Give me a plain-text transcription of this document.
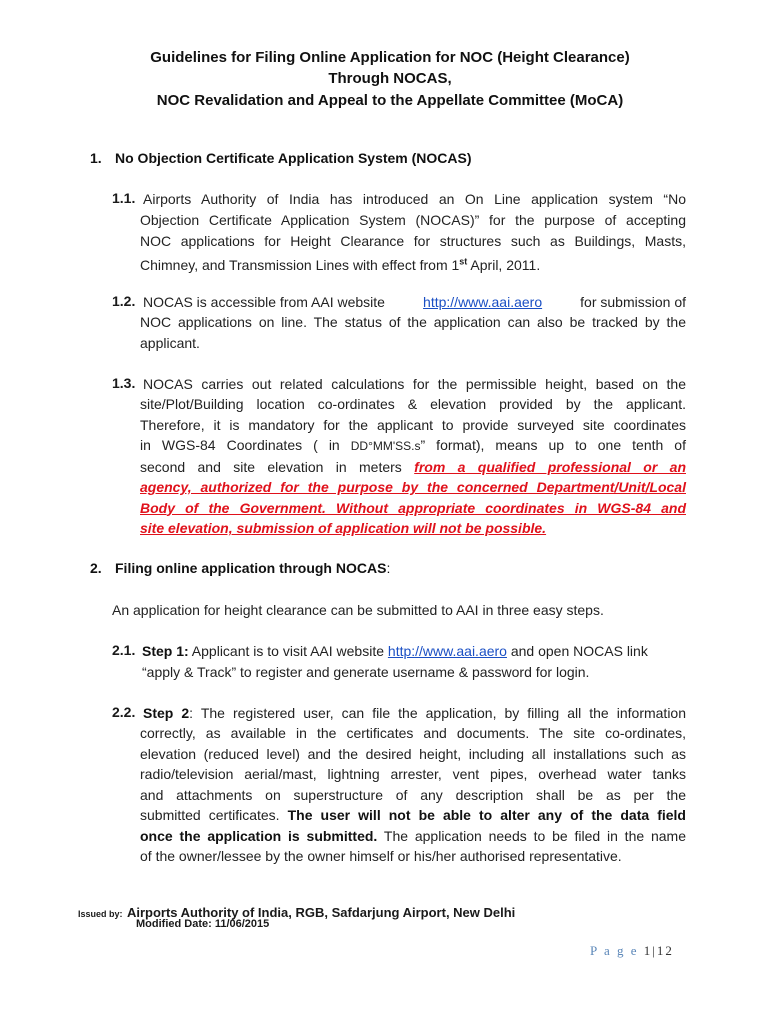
Guidelines for Filing Online Application for NOC (Height Clearance)
Through NOCAS,
NOC Revalidation and Appeal to the Appellate Committee (MoCA)
1. No Objection Certificate Application System (NOCAS)
1.1. Airports Authority of India has introduced an On Line application system “No
Objection Certificate Application System (NOCAS)” for the purpose of accepting
NOC applications for Height Clearance for structures such as Buildings, Masts,
Chimney, and Transmission Lines with effect from 1st April, 2011.
1.2. NOCAS is accessible from AAI website	http://www.aai.aero	for submission of
NOC applications on line. The status of the application can also be tracked by the
applicant.
1.3. NOCAS carries out related calculations for the permissible height, based on the
site/Plot/Building location co-ordinates & elevation provided by the applicant.
Therefore, it is mandatory for the applicant to provide surveyed site coordinates
in WGS-84 Coordinates ( in DD°MM'SS.s” format), means up to one tenth of
second and site elevation in meters from a qualified professional or an
agency, authorized for the purpose by the concerned Department/Unit/Local
Body of the Government. Without appropriate coordinates in WGS-84 and
site elevation, submission of application will not be possible.
2. Filing online application through NOCAS:
An application for height clearance can be submitted to AAI in three easy steps.
2.1. Step 1: Applicant is to visit AAI website http://www.aai.aero and open NOCAS link
“apply & Track” to register and generate username & password for login.
2.2. Step 2: The registered user, can file the application, by filling all the information
correctly, as available in the certificates and documents. The site co-ordinates,
elevation (reduced level) and the desired height, including all installations such as
radio/television aerial/mast, lightning arrester, vent pipes, overhead water tanks
and attachments on superstructure of any description shall be as per the
submitted certificates. The user will not be able to alter any of the data field
once the application is submitted. The application needs to be filed in the name
of the owner/lessee by the owner himself or his/her authorised representative.
Issued by: Airports Authority of India, RGB, Safdarjung Airport, New Delhi
Modified Date: 11/06/2015
P a g e 1|12
